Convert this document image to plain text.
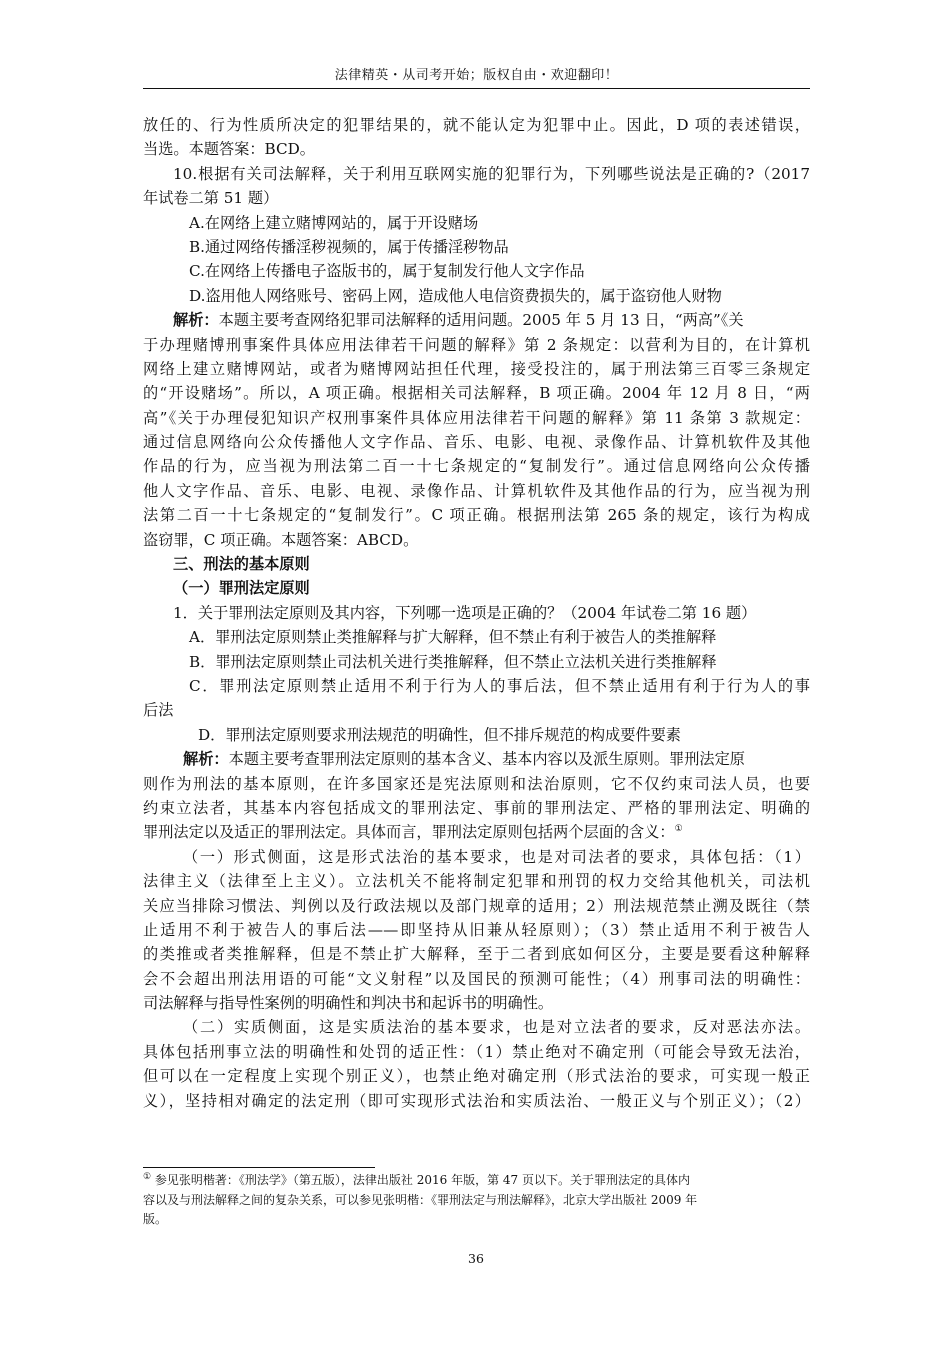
法律精英・从司考开始；版权自由・欢迎翻印！
放任的、行为性质所决定的犯罪结果的，就不能认定为犯罪中止。因此，D 项的表述错误，
当选。本题答案：BCD。
10.根据有关司法解释，关于利用互联网实施的犯罪行为，下列哪些说法是正确的?（2017
年试卷二第 51 题）
A.在网络上建立赌博网站的，属于开设赌场
B.通过网络传播淫秽视频的，属于传播淫秽物品
C.在网络上传播电子盗版书的，属于复制发行他人文字作品
D.盗用他人网络账号、密码上网，造成他人电信资费损失的，属于盗窃他人财物
解析：本题主要考查网络犯罪司法解释的适用问题。2005 年 5 月 13 日，“两高”《关
于办理赌博刑事案件具体应用法律若干问题的解释》第 2 条规定：以营利为目的，在计算机
网络上建立赌博网站，或者为赌博网站担任代理，接受投注的，属于刑法第三百零三条规定
的“开设赌场”。所以，A 项正确。根据相关司法解释，B 项正确。2004 年 12 月 8 日，“两
高”《关于办理侵犯知识产权刑事案件具体应用法律若干问题的解释》第 11 条第 3 款规定：
通过信息网络向公众传播他人文字作品、音乐、电影、电视、录像作品、计算机软件及其他
作品的行为，应当视为刑法第二百一十七条规定的“复制发行”。通过信息网络向公众传播
他人文字作品、音乐、电影、电视、录像作品、计算机软件及其他作品的行为，应当视为刑
法第二百一十七条规定的“复制发行”。C 项正确。根据刑法第 265 条的规定，该行为构成
盗窃罪，C 项正确。本题答案：ABCD。
三、刑法的基本原则
（一）罪刑法定原则
1．关于罪刑法定原则及其内容，下列哪一选项是正确的？（2004 年试卷二第 16 题）
A．罪刑法定原则禁止类推解释与扩大解释，但不禁止有利于被告人的类推解释
B．罪刑法定原则禁止司法机关进行类推解释，但不禁止立法机关进行类推解释
C．罪刑法定原则禁止适用不利于行为人的事后法，但不禁止适用有利于行为人的事
后法
D．罪刑法定原则要求刑法规范的明确性，但不排斥规范的构成要件要素
解析：本题主要考查罪刑法定原则的基本含义、基本内容以及派生原则。罪刑法定原
则作为刑法的基本原则，在许多国家还是宪法原则和法治原则，它不仅约束司法人员，也要
约束立法者，其基本内容包括成文的罪刑法定、事前的罪刑法定、严格的罪刑法定、明确的
罪刑法定以及适正的罪刑法定。具体而言，罪刑法定原则包括两个层面的含义：①
（一）形式侧面，这是形式法治的基本要求，也是对司法者的要求，具体包括：（1）
法律主义（法律至上主义）。立法机关不能将制定犯罪和刑罚的权力交给其他机关，司法机
关应当排除习惯法、判例以及行政法规以及部门规章的适用；2）刑法规范禁止溯及既往（禁
止适用不利于被告人的事后法——即坚持从旧兼从轻原则）；（3）禁止适用不利于被告人
的类推或者类推解释，但是不禁止扩大解释，至于二者到底如何区分，主要是要看这种解释
会不会超出刑法用语的可能“文义射程”以及国民的预测可能性；（4）刑事司法的明确性：
司法解释与指导性案例的明确性和判决书和起诉书的明确性。
（二）实质侧面，这是实质法治的基本要求，也是对立法者的要求，反对恶法亦法。
具体包括刑事立法的明确性和处罚的适正性：（1）禁止绝对不确定刑（可能会导致无法治，
但可以在一定程度上实现个别正义），也禁止绝对确定刑（形式法治的要求，可实现一般正
义），坚持相对确定的法定刑（即可实现形式法治和实质法治、一般正义与个别正义）；（2）
① 参见张明楷著：《刑法学》（第五版），法律出版社 2016 年版，第 47 页以下。关于罪刑法定的具体内
容以及与刑法解释之间的复杂关系，可以参见张明楷：《罪刑法定与刑法解释》，北京大学出版社 2009 年
版。
36
